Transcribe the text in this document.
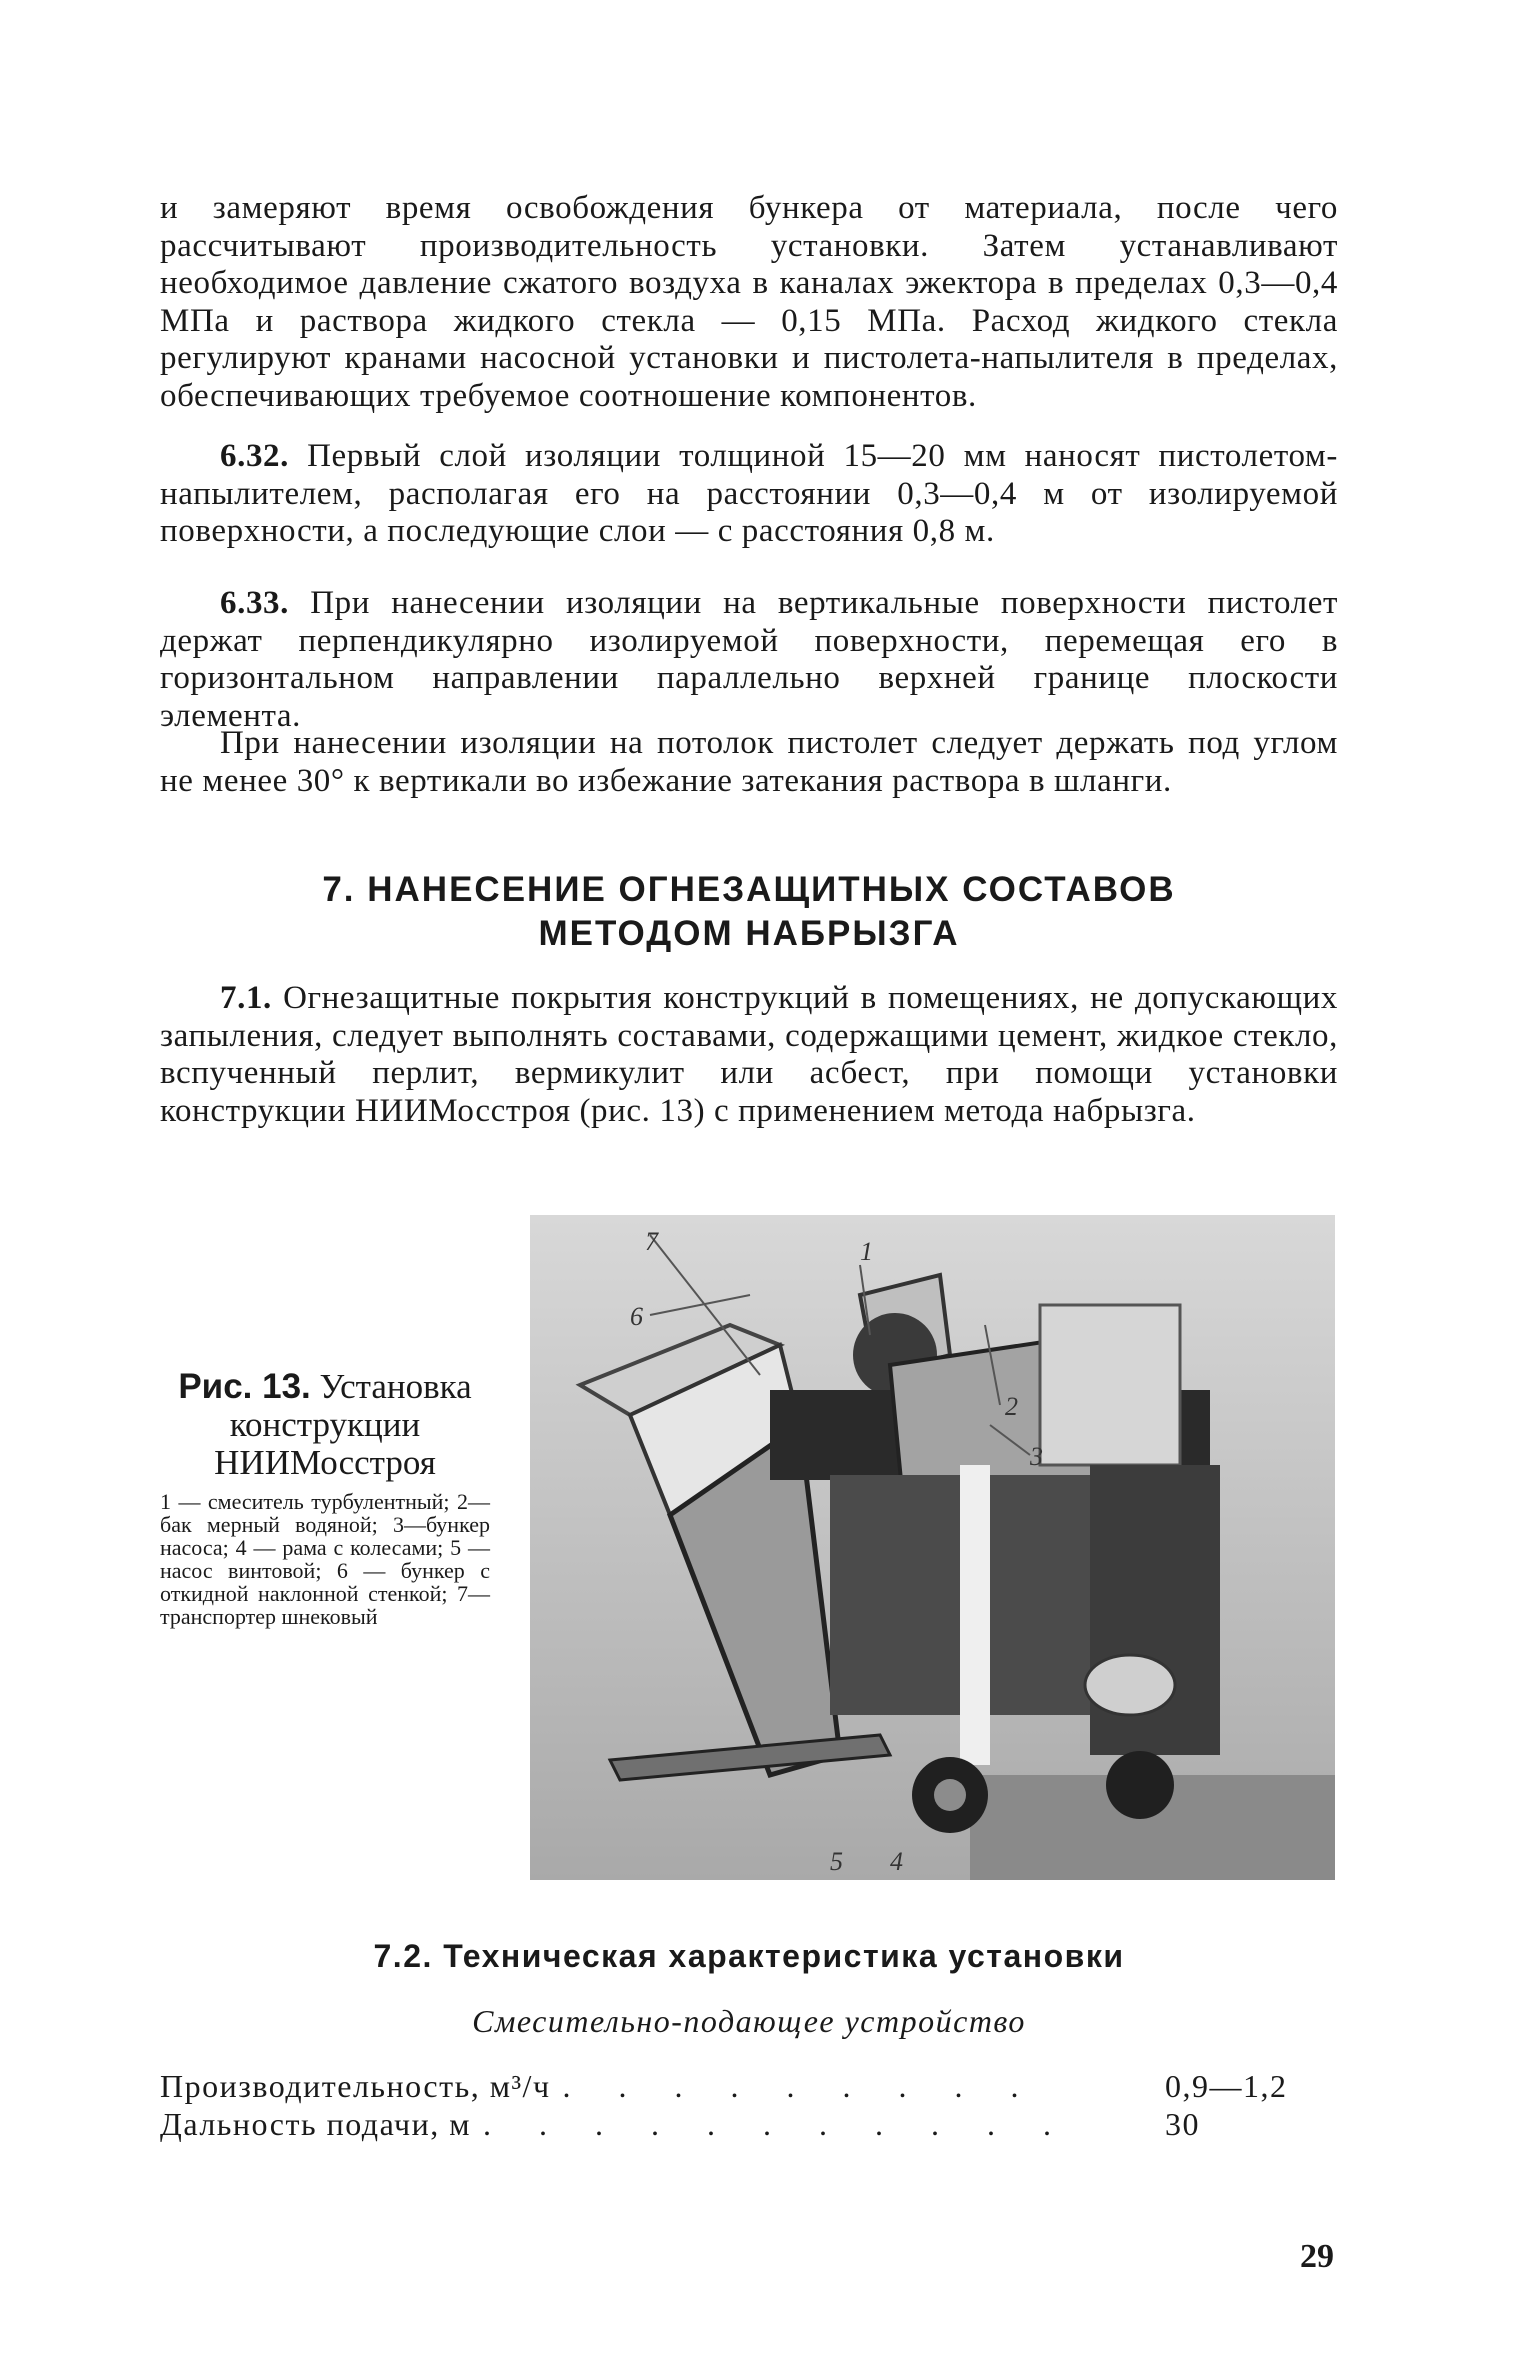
и замеряют время освобождения бункера от материала, после чего рассчитывают производительность установки. Затем устанавливают необходимое давление сжатого воздуха в каналах эжектора в пределах 0,3—0,4 МПа и раствора жидкого стекла — 0,15 МПа. Расход жидкого стекла регулируют кранами насосной установки и пистолета-напылителя в пределах, обеспечивающих требуемое соотношение компонентов.

6.32. Первый слой изоляции толщиной 15—20 мм наносят пистолетом-напылителем, располагая его на расстоянии 0,3—0,4 м от изолируемой поверхности, а последующие слои — с расстояния 0,8 м.

6.33. При нанесении изоляции на вертикальные поверхности пистолет держат перпендикулярно изолируемой поверхности, перемещая его в горизонтальном направлении параллельно верхней границе плоскости элемента.

При нанесении изоляции на потолок пистолет следует держать под углом не менее 30° к вертикали во избежание затекания раствора в шланги.

7. НАНЕСЕНИЕ ОГНЕЗАЩИТНЫХ СОСТАВОВ

МЕТОДОМ НАБРЫЗГА

7.1. Огнезащитные покрытия конструкций в помещениях, не допускающих запыления, следует выполнять составами, содержащими цемент, жидкое стекло, вспученный перлит, вермикулит или асбест, при помощи установки конструкции НИИМосстроя (рис. 13) с применением метода набрызга.

Рис. 13. Установка конструкции НИИМосстроя

1 — смеситель турбулентный; 2—бак мерный водяной; 3—бункер насоса; 4 — рама с колесами; 5 — насос винтовой; 6 — бункер с откидной наклонной стенкой; 7— транспортер шнековый

7
6
1
2
3
4
5

7.2. Техническая характеристика установки

Смесительно-подающее устройство

Производительность, м³/ч . . . . . . . . .	0,9—1,2
Дальность подачи, м . . . . . . . . . . .	30
29
